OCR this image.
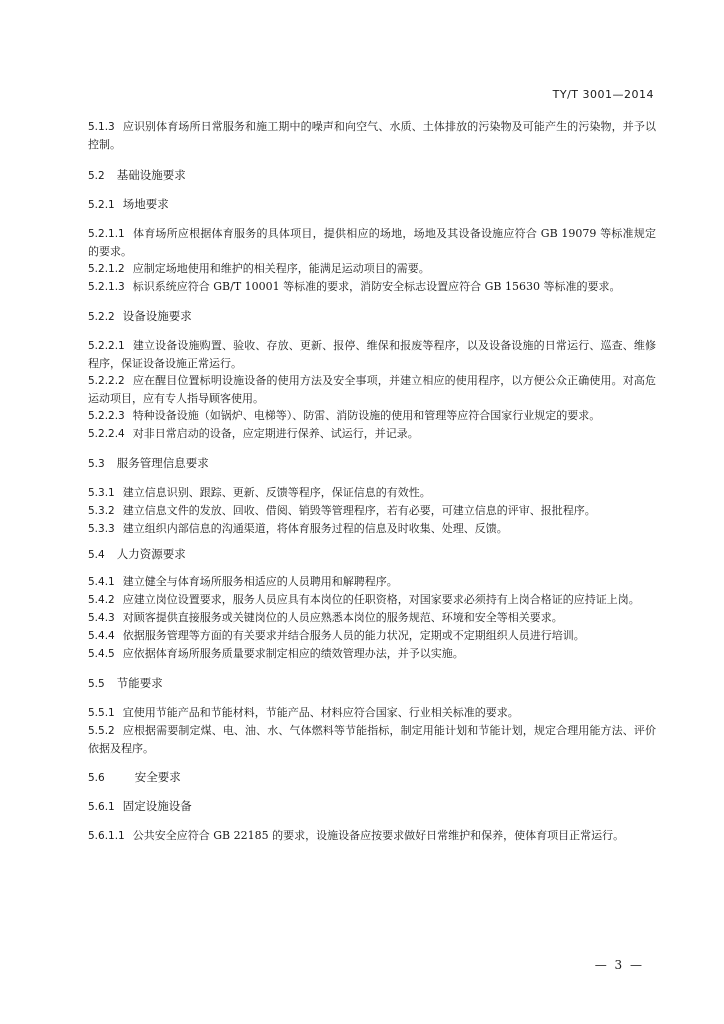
TY/T 3001—2014
5.1.3 应识别体育场所日常服务和施工期中的噪声和向空气、水质、土体排放的污染物及可能产生的污染物，并予以控制。
5.2 基础设施要求
5.2.1 场地要求
5.2.1.1 体育场所应根据体育服务的具体项目，提供相应的场地，场地及其设备设施应符合 GB 19079 等标准规定的要求。
5.2.1.2 应制定场地使用和维护的相关程序，能满足运动项目的需要。
5.2.1.3 标识系统应符合 GB/T 10001 等标准的要求，消防安全标志设置应符合 GB 15630 等标准的要求。
5.2.2 设备设施要求
5.2.2.1 建立设备设施购置、验收、存放、更新、报停、维保和报废等程序，以及设备设施的日常运行、巡查、维修程序，保证设备设施正常运行。
5.2.2.2 应在醒目位置标明设施设备的使用方法及安全事项，并建立相应的使用程序，以方便公众正确使用。对高危运动项目，应有专人指导顾客使用。
5.2.2.3 特种设备设施（如锅炉、电梯等）、防雷、消防设施的使用和管理等应符合国家行业规定的要求。
5.2.2.4 对非日常启动的设备，应定期进行保养、试运行，并记录。
5.3 服务管理信息要求
5.3.1 建立信息识别、跟踪、更新、反馈等程序，保证信息的有效性。
5.3.2 建立信息文件的发放、回收、借阅、销毁等管理程序，若有必要，可建立信息的评审、报批程序。
5.3.3 建立组织内部信息的沟通渠道，将体育服务过程的信息及时收集、处理、反馈。
5.4 人力资源要求
5.4.1 建立健全与体育场所服务相适应的人员聘用和解聘程序。
5.4.2 应建立岗位设置要求，服务人员应具有本岗位的任职资格，对国家要求必须持有上岗合格证的应持证上岗。
5.4.3 对顾客提供直接服务或关键岗位的人员应熟悉本岗位的服务规范、环境和安全等相关要求。
5.4.4 依据服务管理等方面的有关要求并结合服务人员的能力状况，定期或不定期组织人员进行培训。
5.4.5 应依据体育场所服务质量要求制定相应的绩效管理办法，并予以实施。
5.5 节能要求
5.5.1 宜使用节能产品和节能材料，节能产品、材料应符合国家、行业相关标准的要求。
5.5.2 应根据需要制定煤、电、油、水、气体燃料等节能指标，制定用能计划和节能计划，规定合理用能方法、评价依据及程序。
5.6	安全要求
5.6.1 固定设施设备
5.6.1.1 公共安全应符合 GB 22185 的要求，设施设备应按要求做好日常维护和保养，使体育项目正常运行。
— 3 —
